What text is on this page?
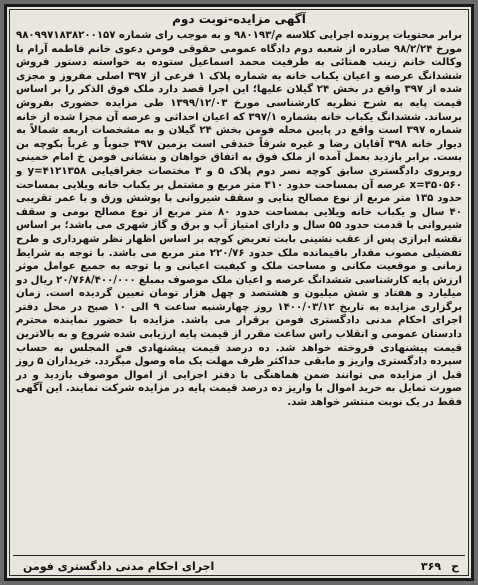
آگهی مزایده-نوبت دوم
برابر محتویات پرونده اجرایی کلاسه م/۹۸۰۱۹۳ و به موجب رای شماره ۹۸۰۹۹۷۱۸۳۸۲۰۰۱۵۷ مورخ ۹۸/۲/۲۴ صادره از شعبه دوم دادگاه عمومی حقوقی فومن دعوی خانم فاطمه آرام با وکالت خانم زینب همتائی به طرفیت محمد اسماعیل ستوده به خواسته دستور فروش ششدانگ عرصه و اعیان یکباب خانه به شماره پلاک ۱ فرعی از ۳۹۷ اصلی مفروز و مجزی شده از ۳۹۷ واقع در بخش ۲۴ گیلان علیها؛ این اجرا قصد دارد ملک فوق الذکر را بر اساس قیمت پایه به شرح نظریه کارشناسی مورخ ۱۳۹۹/۱۲/۰۳ طی مزایده حضوری بفروش برساند. ششدانگ یکباب خانه بشماره ۳۹۷/۱ که اعیان احداثی و عرصه آن مجزا شده از خانه شماره ۳۹۷ است واقع در پایین محله فومن بخش ۲۴ گیلان و به مشخصات اربعه شمالاً به دیوار خانه ۳۹۸ آقایان رضا و غیره شرقاً خندقی است بزمین ۳۹۷ جنوباً و غرباً بکوچه بن بست. برابر بازدید بعمل آمده از ملک فوق به اتفاق خواهان و بنشانی فومن خ امام خمینی روبروی دادگستری سابق کوچه نصر دوم پلاک ۵ و ۳ مختصات جغرافیایی y=۴۱۲۱۳۵۸ و x=۳۵۰۵۶۰ عرصه آن بمساحت حدود ۳۱۰ متر مربع و مشتمل بر یکباب خانه ویلایی بمساحت حدود ۱۳۵ متر مربع از نوع مصالح بنایی و سقف شیروانی با پوشش ورق و با عمر تقریبی ۴۰ سال و یکباب خانه ویلایی بمساحت حدود ۸۰ متر مربع از نوع مصالح بومی و سقف شیروانی با قدمت حدود ۵۵ سال و دارای امتیاز آب و برق و گاز شهری می باشد؛ بر اساس نقشه ابرازی پس از عقب نشینی بابت تعریض کوچه بر اساس اظهار نظر شهرداری و طرح تفضیلی مصوب مقدار باقیمانده ملک حدود ۲۲۰/۷۶ متر مربع می باشد. با توجه به شرایط زمانی و موقعیت مکانی و مساحت ملک و کیفیت اعیانی و با توجه به جمیع عوامل موثر ارزش پایه کارشناسی ششدانگ عرصه و اعیان ملک موصوف بمبلغ ۲۰/۷۶۸/۴۰۰/۰۰۰ ریال دو میلیارد و هفتاد و شش میلیون و هشتصد و چهل هزار تومان تعیین گردیده است. زمان برگزاری مزایده به تاریخ ۱۴۰۰/۰۳/۱۲ روز چهارشنبه ساعت ۹ الی ۱۰ صبح در محل دفتر اجرای احکام مدنی دادگستری فومن برقرار می باشد. مزایده با حضور نماینده محترم دادستان عمومی و انقلاب راس ساعت مقرر از قیمت پایه ارزیابی شده شروع و به بالاترین قیمت پیشنهادی فروخته خواهد شد. ده درصد قیمت پیشنهادی فی المجلس به حساب سپرده دادگستری واریز و مابقی حداکثر ظرف مهلت یک ماه وصول میگردد. خریداران ۵ روز قبل از مزایده می توانند ضمن هماهنگی با دفتر اجرایی از اموال موصوف بازدید و در صورت تمایل به خرید اموال با واریز ده درصد قیمت پایه در مزایده شرکت نمایند. این آگهی فقط در یک نوبت منتشر خواهد شد.
ح
۳۶۹
اجرای احکام مدنی دادگستری فومن
